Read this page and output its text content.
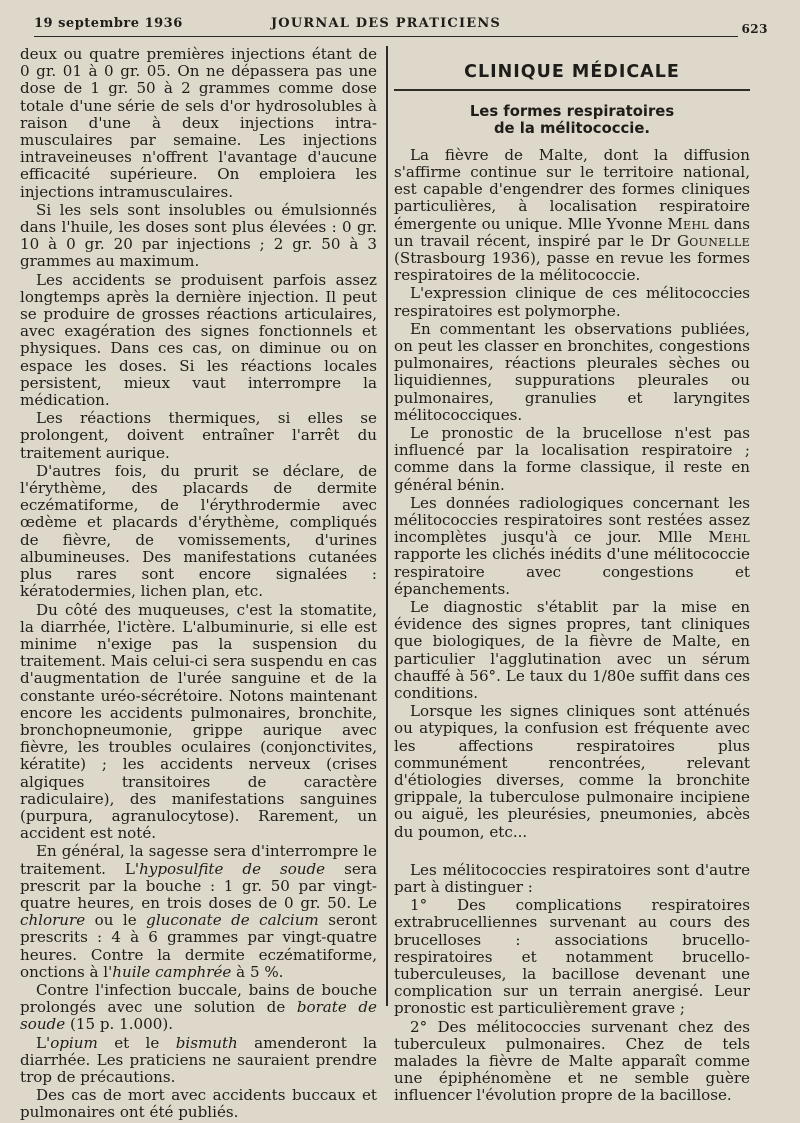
19 septembre 1936	JOURNAL DES PRATICIENS	623

deux ou quatre premières injections étant de 0 gr. 01 à 0 gr. 05. On ne dépassera pas une dose de 1 gr. 50 à 2 grammes comme dose totale d'une série de sels d'or hydrosolubles à raison d'une à deux injections intra-musculaires par semaine. Les injections intraveineuses n'offrent l'avantage d'aucune efficacité supérieure. On emploiera les injections intramusculaires.

Si les sels sont insolubles ou émulsionnés dans l'huile, les doses sont plus élevées : 0 gr. 10 à 0 gr. 20 par injections ; 2 gr. 50 à 3 grammes au maximum.

Les accidents se produisent parfois assez longtemps après la dernière injection. Il peut se produire de grosses réactions articulaires, avec exagération des signes fonctionnels et physiques. Dans ces cas, on diminue ou on espace les doses. Si les réactions locales persistent, mieux vaut interrompre la médication.

Les réactions thermiques, si elles se prolongent, doivent entraîner l'arrêt du traitement aurique.

D'autres fois, du prurit se déclare, de l'érythème, des placards de dermite eczématiforme, de l'érythrodermie avec œdème et placards d'érythème, compliqués de fièvre, de vomissements, d'urines albumineuses. Des manifestations cutanées plus rares sont encore signalées : kératodermies, lichen plan, etc.

Du côté des muqueuses, c'est la stomatite, la diarrhée, l'ictère. L'albuminurie, si elle est minime n'exige pas la suspension du traitement. Mais celui-ci sera suspendu en cas d'augmentation de l'urée sanguine et de la constante uréo-sécrétoire. Notons maintenant encore les accidents pulmonaires, bronchite, bronchopneumonie, grippe aurique avec fièvre, les troubles oculaires (conjonctivites, kératite) ; les accidents nerveux (crises algiques transitoires de caractère radiculaire), des manifestations sanguines (purpura, agranulocytose). Rarement, un accident est noté.

En général, la sagesse sera d'interrompre le traitement. L'hyposulfite de soude sera prescrit par la bouche : 1 gr. 50 par vingt-quatre heures, en trois doses de 0 gr. 50. Le chlorure ou le gluconate de calcium seront prescrits : 4 à 6 grammes par vingt-quatre heures. Contre la dermite eczématiforme, onctions à l'huile camphrée à 5 %.

Contre l'infection buccale, bains de bouche prolongés avec une solution de borate de soude (15 p. 1.000).

L'opium et le bismuth amenderont la diarrhée. Les praticiens ne sauraient prendre trop de précautions.

Des cas de mort avec accidents buccaux et pulmonaires ont été publiés.

CLINIQUE MÉDICALE
Les formes respiratoires
de la mélitococcie.

La fièvre de Malte, dont la diffusion s'affirme continue sur le territoire national, est capable d'engendrer des formes cliniques particulières, à localisation respiratoire émergente ou unique. Mlle Yvonne Mehl dans un travail récent, inspiré par le Dr Gounelle (Strasbourg 1936), passe en revue les formes respiratoires de la mélitococcie.

L'expression clinique de ces mélitococcies respiratoires est polymorphe.

En commentant les observations publiées, on peut les classer en bronchites, congestions pulmonaires, réactions pleurales sèches ou liquidiennes, suppurations pleurales ou pulmonaires, granulies et laryngites mélitococciques.

Le pronostic de la brucellose n'est pas influencé par la localisation respiratoire ; comme dans la forme classique, il reste en général bénin.

Les données radiologiques concernant les mélitococcies respiratoires sont restées assez incomplètes jusqu'à ce jour. Mlle Mehl rapporte les clichés inédits d'une mélitococcie respiratoire avec congestions et épanchements.

Le diagnostic s'établit par la mise en évidence des signes propres, tant cliniques que biologiques, de la fièvre de Malte, en particulier l'agglutination avec un sérum chauffé à 56°. Le taux du 1/80e suffit dans ces conditions.

Lorsque les signes cliniques sont atténués ou atypiques, la confusion est fréquente avec les affections respiratoires plus communément rencontrées, relevant d'étiologies diverses, comme la bronchite grippale, la tuberculose pulmonaire incipiene ou aiguë, les pleurésies, pneumonies, abcès du poumon, etc...

Les mélitococcies respiratoires sont d'autre part à distinguer :

1° Des complications respiratoires extrabrucelliennes survenant au cours des brucelloses : associations brucello-respiratoires et notamment brucello-tuberculeuses, la bacillose devenant une complication sur un terrain anergisé. Leur pronostic est particulièrement grave ;

2° Des mélitococcies survenant chez des tuberculeux pulmonaires. Chez de tels malades la fièvre de Malte apparaît comme une épiphénomène et ne semble guère influencer l'évolution propre de la bacillose.
